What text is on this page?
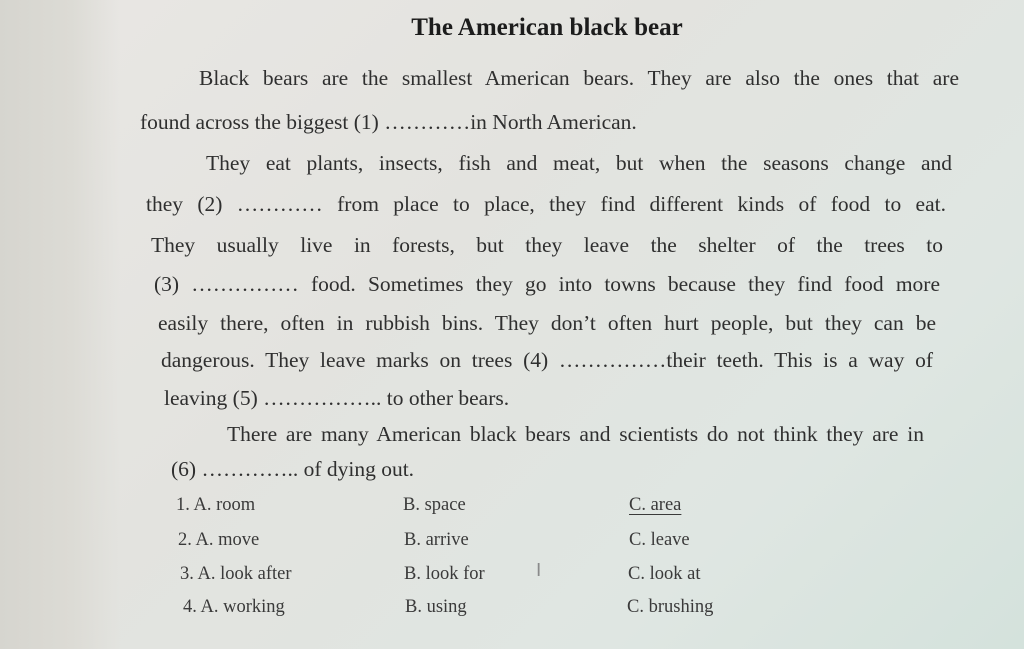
The American black bear
Black bears are the smallest American bears. They are also the ones that are
found across the biggest (1) …………in North American.
They eat plants, insects, fish and meat, but when the seasons change and
they (2) ………… from place to place, they find different kinds of food to eat.
They usually live in forests, but they leave the shelter of the trees to
(3) …………… food. Sometimes they go into towns because they find food more
easily there, often in rubbish bins. They don’t often hurt people, but they can be
dangerous. They leave marks on trees (4) ……………their teeth. This is a way of
leaving (5) …………….. to other bears.
There are many American black bears and scientists do not think they are in
(6) ………….. of dying out.
1. A. room	B. space	C. area
2. A. move	B. arrive	C. leave
3. A. look after	B. look for	C. look at
4. A. working	B. using	C. brushing
I
